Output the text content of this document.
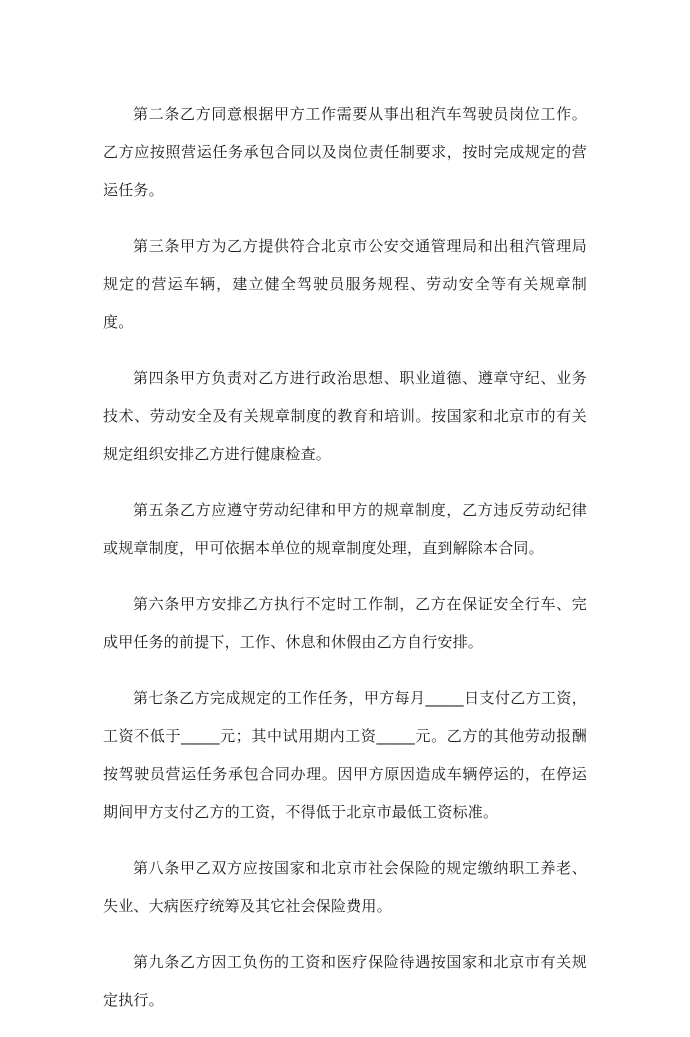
第二条乙方同意根据甲方工作需要从事出租汽车驾驶员岗位工作。乙方应按照营运任务承包合同以及岗位责任制要求，按时完成规定的营运任务。

第三条甲方为乙方提供符合北京市公安交通管理局和出租汽管理局规定的营运车辆，建立健全驾驶员服务规程、劳动安全等有关规章制度。

第四条甲方负责对乙方进行政治思想、职业道德、遵章守纪、业务技术、劳动安全及有关规章制度的教育和培训。按国家和北京市的有关规定组织安排乙方进行健康检查。

第五条乙方应遵守劳动纪律和甲方的规章制度，乙方违反劳动纪律或规章制度，甲可依据本单位的规章制度处理，直到解除本合同。

第六条甲方安排乙方执行不定时工作制，乙方在保证安全行车、完成甲任务的前提下，工作、休息和休假由乙方自行安排。

第七条乙方完成规定的工作任务，甲方每月_____日支付乙方工资，工资不低于_____元；其中试用期内工资_____元。乙方的其他劳动报酬按驾驶员营运任务承包合同办理。因甲方原因造成车辆停运的，在停运期间甲方支付乙方的工资，不得低于北京市最低工资标准。

第八条甲乙双方应按国家和北京市社会保险的规定缴纳职工养老、失业、大病医疗统筹及其它社会保险费用。

第九条乙方因工负伤的工资和医疗保险待遇按国家和北京市有关规定执行。
